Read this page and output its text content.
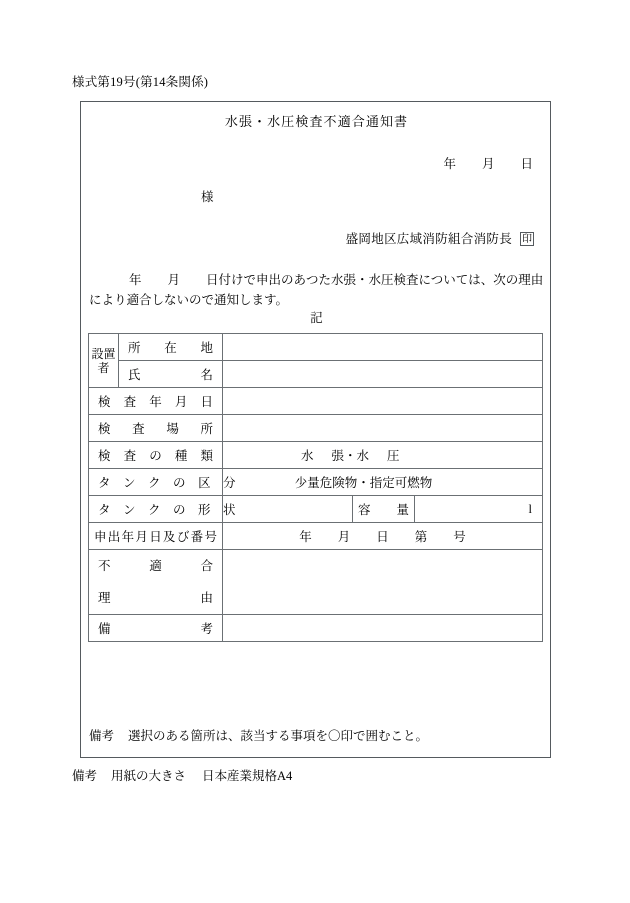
様式第19号(第14条関係)
水張・水圧検査不適合通知書
年 月 日
様
盛岡地区広域消防組合消防長 印
年 月 日付けで申出のあつた水張・水圧検査については、次の理由により適合しないので通知します。
記
設置者	所　在　地			
	氏　　　名			
検　査　年　月　日				
検　査　場　所				
検　査　の　種　類		水 張・水 圧		
タ　ン　ク　の　区　分		少量危険物・指定可燃物		
タ　ン　ク　の　形　状			容　量	l
申出年月日及び番号		年 月 日 第 号		

不　　適　　合
理　　　　　由				

備　　　　考				
備考 選択のある箇所は、該当する事項を〇印で囲むこと。
備考 用紙の大きさ 日本産業規格A4
